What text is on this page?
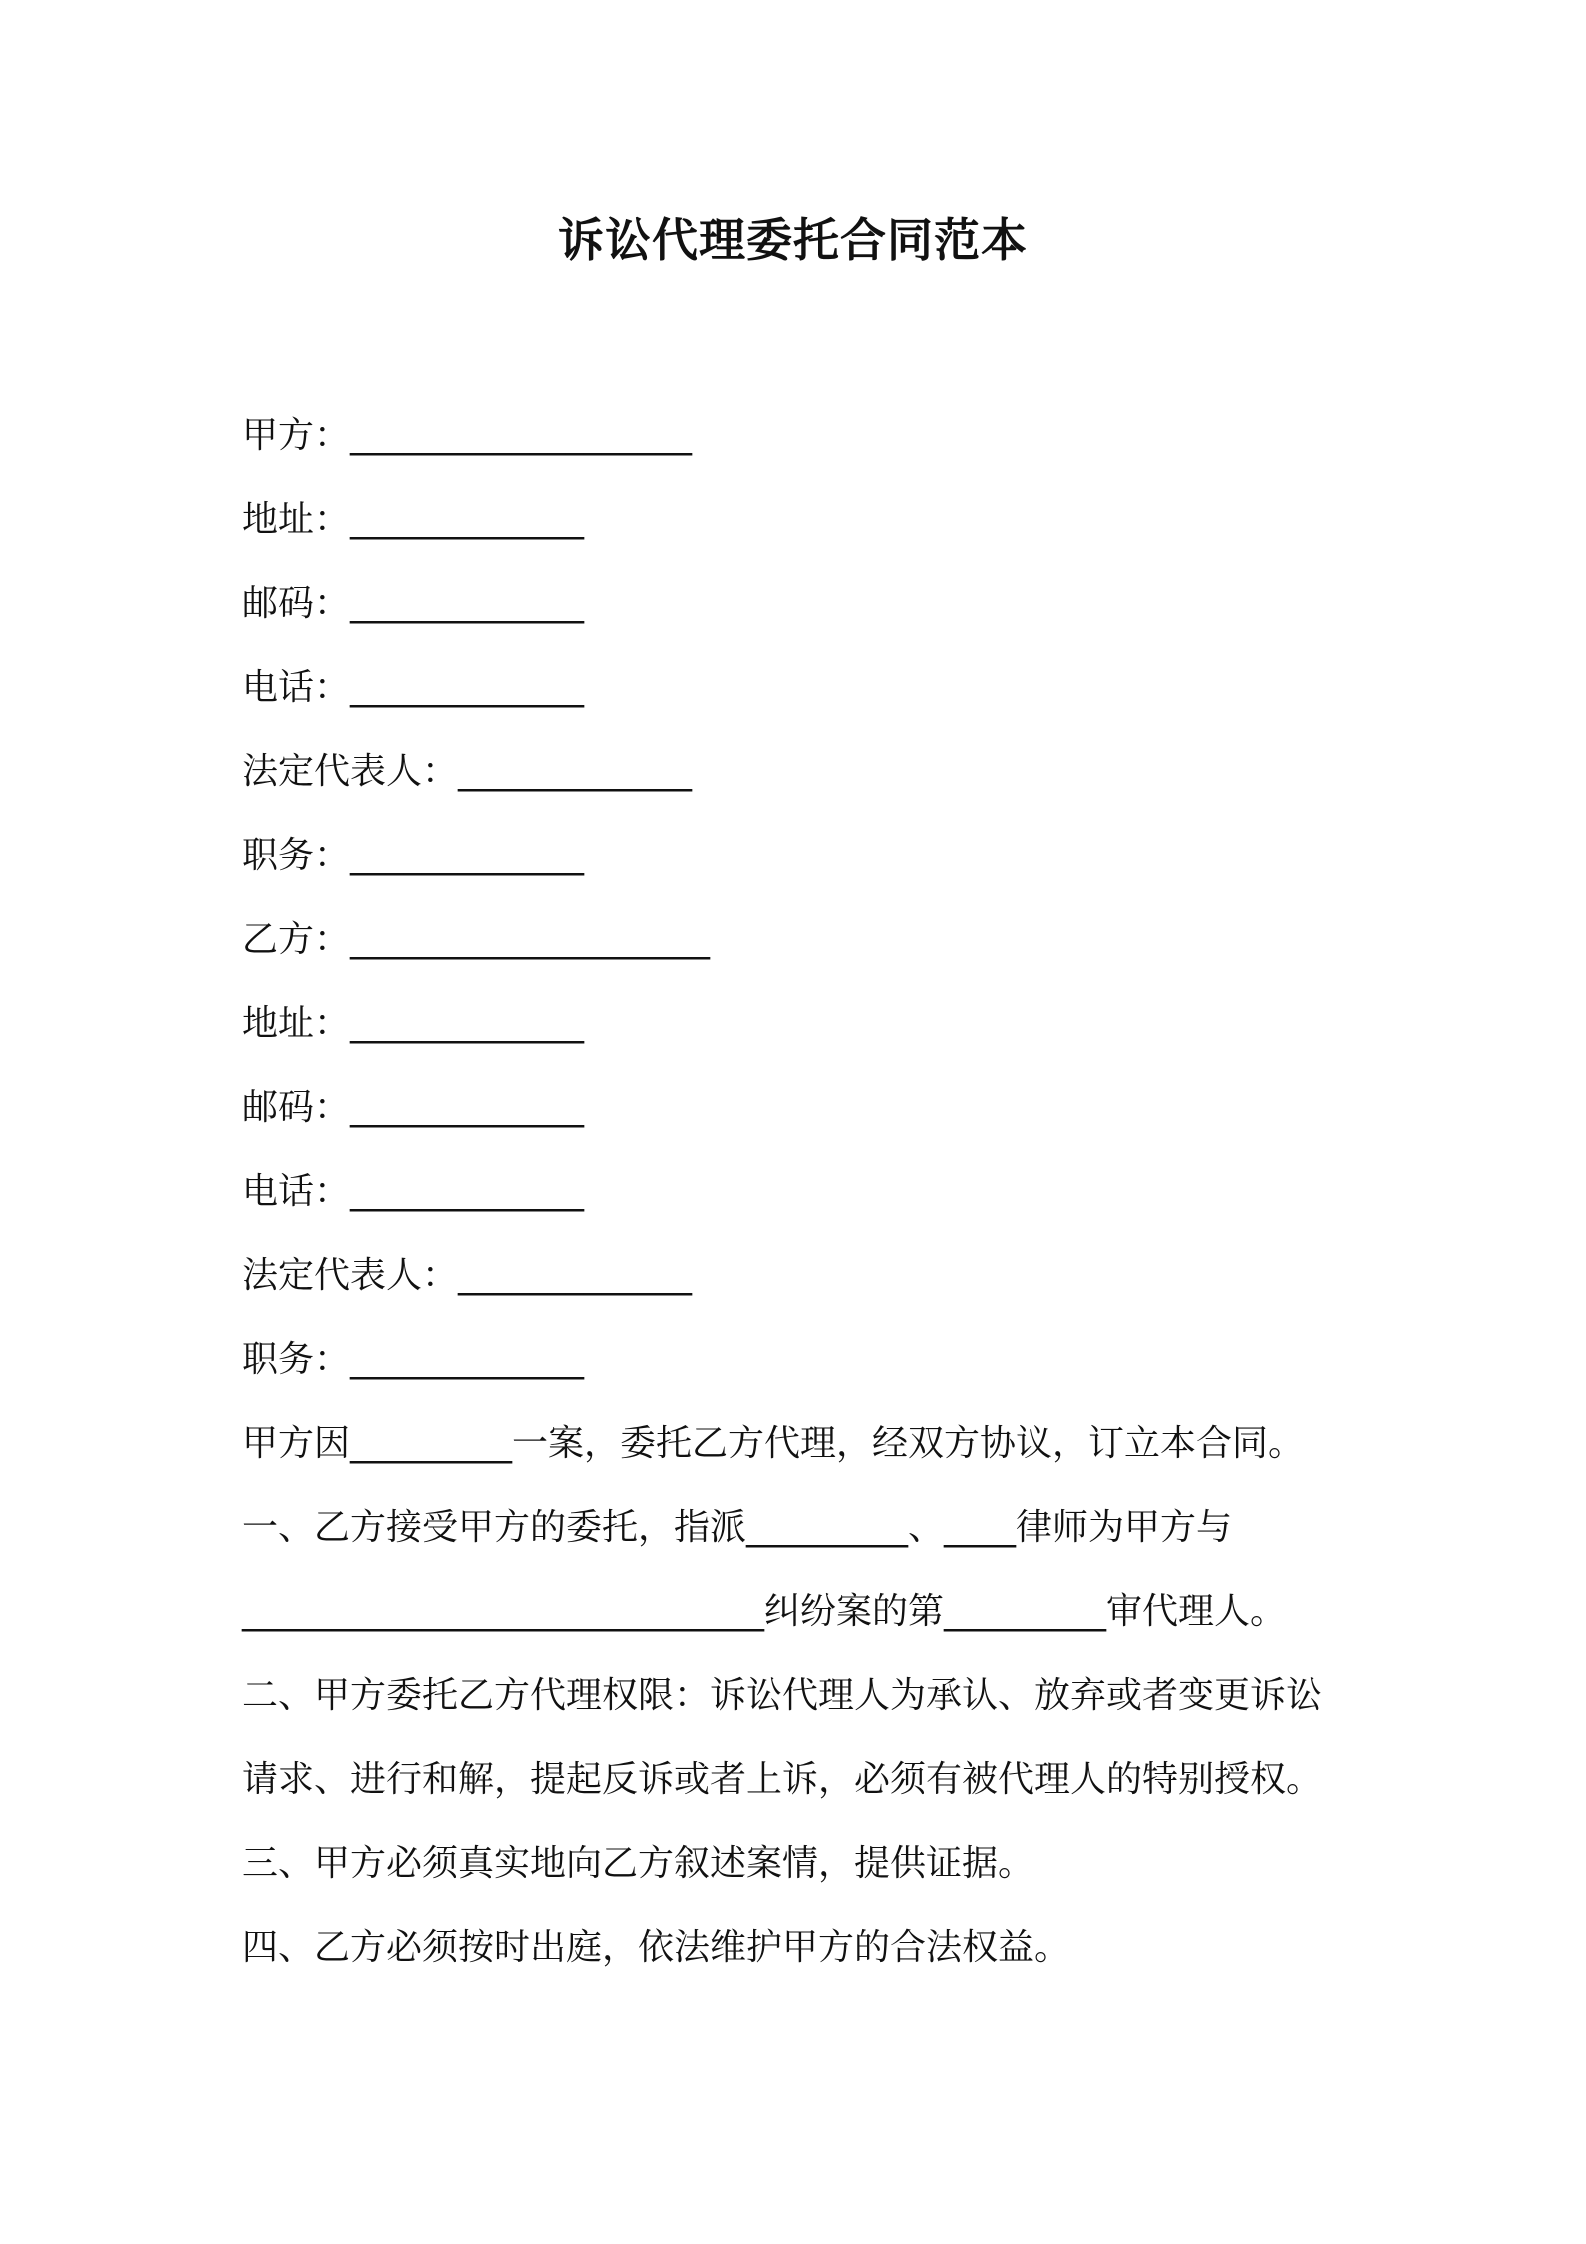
诉讼代理委托合同范本
甲方：___________________
地址：_____________
邮码：_____________
电话：_____________
法定代表人：_____________
职务：_____________
乙方：____________________
地址：_____________
邮码：_____________
电话：_____________
法定代表人：_____________
职务：_____________
甲方因_________一案，委托乙方代理，经双方协议，订立本合同。
一、乙方接受甲方的委托，指派_________、____律师为甲方与
_____________________________纠纷案的第_________审代理人。
二、甲方委托乙方代理权限：诉讼代理人为承认、放弃或者变更诉讼
请求、进行和解，提起反诉或者上诉，必须有被代理人的特别授权。
三、甲方必须真实地向乙方叙述案情，提供证据。
四、乙方必须按时出庭，依法维护甲方的合法权益。
